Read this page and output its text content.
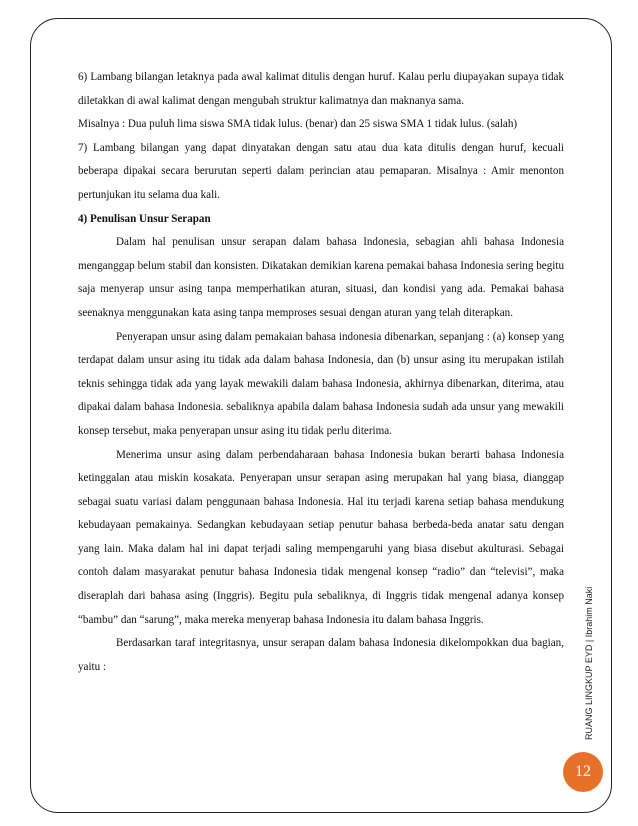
6) Lambang bilangan letaknya pada awal kalimat ditulis dengan huruf. Kalau perlu diupayakan supaya tidak diletakkan di awal kalimat dengan mengubah struktur kalimatnya dan maknanya sama.

Misalnya : Dua puluh lima siswa SMA tidak lulus. (benar) dan 25 siswa SMA 1 tidak lulus. (salah)

7) Lambang bilangan yang dapat dinyatakan dengan satu atau dua kata ditulis dengan huruf, kecuali beberapa dipakai secara berurutan seperti dalam perincian atau pemaparan. Misalnya : Amir menonton pertunjukan itu selama dua kali.

4) Penulisan Unsur Serapan

Dalam hal penulisan unsur serapan dalam bahasa Indonesia, sebagian ahli bahasa Indonesia menganggap belum stabil dan konsisten. Dikatakan demikian karena pemakai bahasa Indonesia sering begitu saja menyerap unsur asing tanpa memperhatikan aturan, situasi, dan kondisi yang ada. Pemakai bahasa seenaknya menggunakan kata asing tanpa memproses sesuai dengan aturan yang telah diterapkan.

Penyerapan unsur asing dalam pemakaian bahasa indonesia dibenarkan, sepanjang : (a) konsep yang terdapat dalam unsur asing itu tidak ada dalam bahasa Indonesia, dan (b) unsur asing itu merupakan istilah teknis sehingga tidak ada yang layak mewakili dalam bahasa Indonesia, akhirnya dibenarkan, diterima, atau dipakai dalam bahasa Indonesia. sebaliknya apabila dalam bahasa Indonesia sudah ada unsur yang mewakili konsep tersebut, maka penyerapan unsur asing itu tidak perlu diterima.

Menerima unsur asing dalam perbendaharaan bahasa Indonesia bukan berarti bahasa Indonesia ketinggalan atau miskin kosakata. Penyerapan unsur serapan asing merupakan hal yang biasa, dianggap sebagai suatu variasi dalam penggunaan bahasa Indonesia. Hal itu terjadi karena setiap bahasa mendukung kebudayaan pemakainya. Sedangkan kebudayaan setiap penutur bahasa berbeda-beda anatar satu dengan yang lain. Maka dalam hal ini dapat terjadi saling mempengaruhi yang biasa disebut akulturasi. Sebagai contoh dalam masyarakat penutur bahasa Indonesia tidak mengenal konsep “radio” dan “televisi”, maka diserapl​ah dari bahasa asing (Inggris). Begitu pula sebaliknya, di Inggris tidak mengenal adanya konsep “bambu” dan “sarung”, maka mereka menyerap bahasa Indonesia itu dalam bahasa Inggris.

Berdasarkan taraf integritasnya, unsur serapan dalam bahasa Indonesia dikelompokkan dua bagian, yaitu :	RUANG LINGKUP EYD | Ibrahim Naki
12
